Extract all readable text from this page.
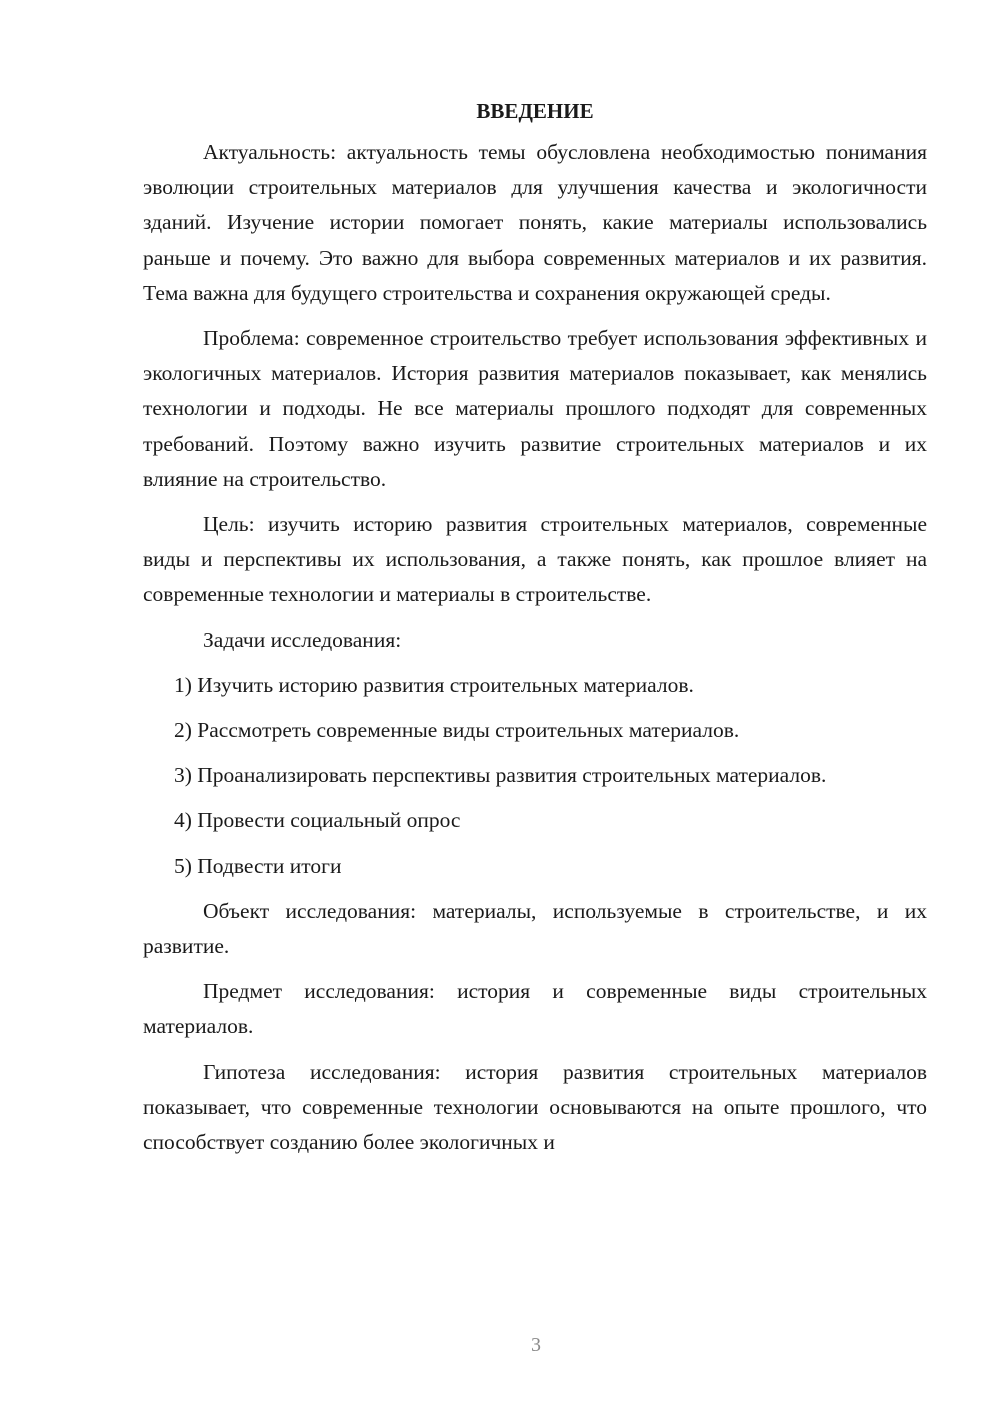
ВВЕДЕНИЕ

Актуальность: актуальность темы обусловлена необходимостью понимания эволюции строительных материалов для улучшения качества и экологичности зданий. Изучение истории помогает понять, какие материалы использовались раньше и почему. Это важно для выбора современных материалов и их развития. Тема важна для будущего строительства и сохранения окружающей среды.

Проблема: современное строительство требует использования эффективных и экологичных материалов. История развития материалов показывает, как менялись технологии и подходы. Не все материалы прошлого подходят для современных требований. Поэтому важно изучить развитие строительных материалов и их влияние на строительство.

Цель: изучить историю развития строительных материалов, современные виды и перспективы их использования, а также понять, как прошлое влияет на современные технологии и материалы в строительстве.

Задачи исследования:

1) Изучить историю развития строительных материалов.

2) Рассмотреть современные виды строительных материалов.

3) Проанализировать перспективы развития строительных материалов.

4) Провести социальный опрос

5) Подвести итоги

Объект исследования: материалы, используемые в строительстве, и их развитие.

Предмет исследования: история и современные виды строительных материалов.

Гипотеза исследования: история развития строительных материалов показывает, что современные технологии основываются на опыте прошлого, что способствует созданию более экологичных и

3
